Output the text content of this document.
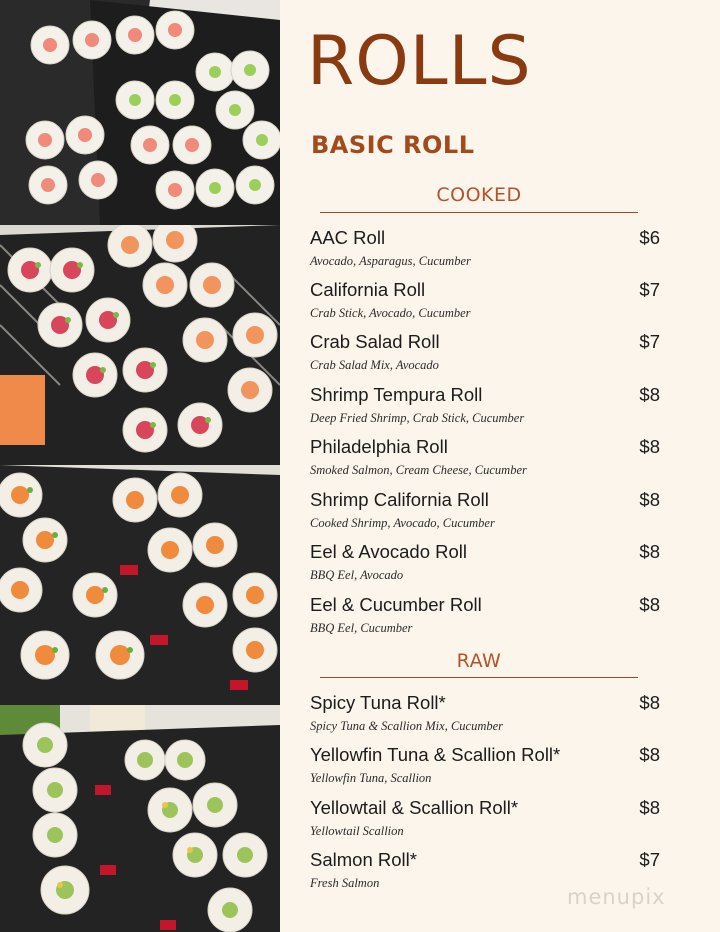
ROLLS
BASIC ROLL
COOKED
AAC Roll	$6
Avocado, Asparagus, Cucumber
California Roll	$7
Crab Stick, Avocado, Cucumber
Crab Salad Roll	$7
Crab Salad Mix, Avocado
Shrimp Tempura Roll	$8
Deep Fried Shrimp, Crab Stick, Cucumber
Philadelphia Roll	$8
Smoked Salmon, Cream Cheese, Cucumber
Shrimp California Roll	$8
Cooked Shrimp, Avocado, Cucumber
Eel & Avocado Roll	$8
BBQ Eel, Avocado
Eel & Cucumber Roll	$8
BBQ Eel, Cucumber
RAW
Spicy Tuna Roll*	$8
Spicy Tuna & Scallion Mix, Cucumber
Yellowfin Tuna & Scallion Roll*	$8
Yellowfin Tuna, Scallion
Yellowtail & Scallion Roll*	$8
Yellowtail Scallion
Salmon Roll*	$7
Fresh Salmon
menupix
